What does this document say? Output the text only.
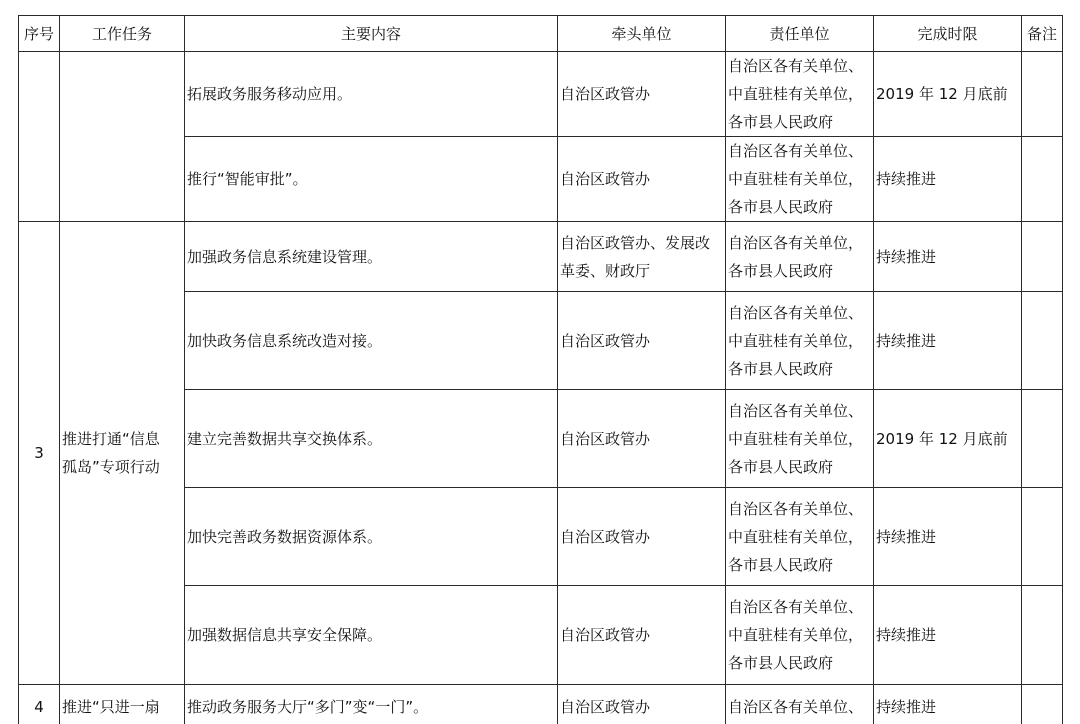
序号	工作任务	主要内容	牵头单位	责任单位	完成时限	备注
		拓展政务服务移动应用。	自治区政管办	自治区各有关单位、
中直驻桂有关单位，
各市县人民政府	2019 年 12 月底前	
		推行“智能审批”。	自治区政管办	自治区各有关单位、
中直驻桂有关单位，
各市县人民政府	持续推进	
3	推进打通“信息
孤岛”专项行动	加强政务信息系统建设管理。	自治区政管办、发展改
革委、财政厅	自治区各有关单位，
各市县人民政府	持续推进	
		加快政务信息系统改造对接。	自治区政管办	自治区各有关单位、
中直驻桂有关单位，
各市县人民政府	持续推进	
		建立完善数据共享交换体系。	自治区政管办	自治区各有关单位、
中直驻桂有关单位，
各市县人民政府	2019 年 12 月底前	
		加快完善政务数据资源体系。	自治区政管办	自治区各有关单位、
中直驻桂有关单位，
各市县人民政府	持续推进	
		加强数据信息共享安全保障。	自治区政管办	自治区各有关单位、
中直驻桂有关单位，
各市县人民政府	持续推进	
4	推进“只进一扇	推动政务服务大厅“多门”变“一门”。	自治区政管办	自治区各有关单位、	持续推进	
